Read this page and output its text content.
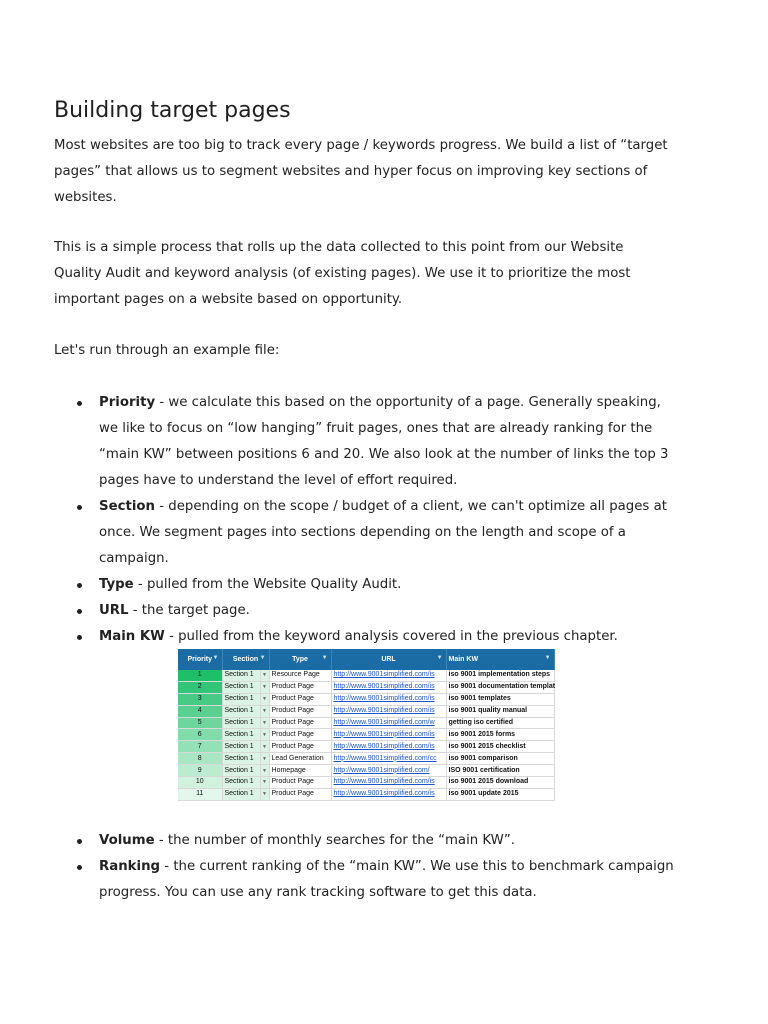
Building target pages

Most websites are too big to track every page / keywords progress. We build a list of “target pages” that allows us to segment websites and hyper focus on improving key sections of websites.

This is a simple process that rolls up the data collected to this point from our Website Quality Audit and keyword analysis (of existing pages). We use it to prioritize the most important pages on a website based on opportunity.

Let's run through an example file:

Priority - we calculate this based on the opportunity of a page. Generally speaking, we like to focus on “low hanging” fruit pages, ones that are already ranking for the “main KW” between positions 6 and 20. We also look at the number of links the top 3 pages have to understand the level of effort required.
Section - depending on the scope / budget of a client, we can't optimize all pages at once. We segment pages into sections depending on the length and scope of a campaign.
Type - pulled from the Website Quality Audit.
URL - the target page.
Main KW - pulled from the keyword analysis covered in the previous chapter.
Volume - the number of monthly searches for the “main KW”.
Ranking - the current ranking of the “main KW”. We use this to benchmark campaign progress. You can use any rank tracking software to get this data.
Priority ▼	Section ▼		Type ▼	URL ▼	Main KW ▼

1	Section 1	▼	Resource Page	http://www.9001simplified.com/is	iso 9001 implementation steps
2	Section 1	▼	Product Page	http://www.9001simplified.com/is	iso 9001 documentation templat
3	Section 1	▼	Product Page	http://www.9001simplified.com/is	iso 9001 templates
4	Section 1	▼	Product Page	http://www.9001simplified.com/is	iso 9001 quality manual
5	Section 1	▼	Product Page	http://www.9001simplified.com/w	getting iso certified
6	Section 1	▼	Product Page	http://www.9001simplified.com/is	iso 9001 2015 forms
7	Section 1	▼	Product Page	http://www.9001simplified.com/is	iso 9001 2015 checklist
8	Section 1	▼	Lead Generation	http://www.9001simplified.com/cc	iso 9001 comparison
9	Section 1	▼	Homepage	http://www.9001simplified.com/	ISO 9001 certification
10	Section 1	▼	Product Page	http://www.9001simplified.com/is	iso 9001 2015 download
11	Section 1	▼	Product Page	http://www.9001simplified.com/is	iso 9001 update 2015
